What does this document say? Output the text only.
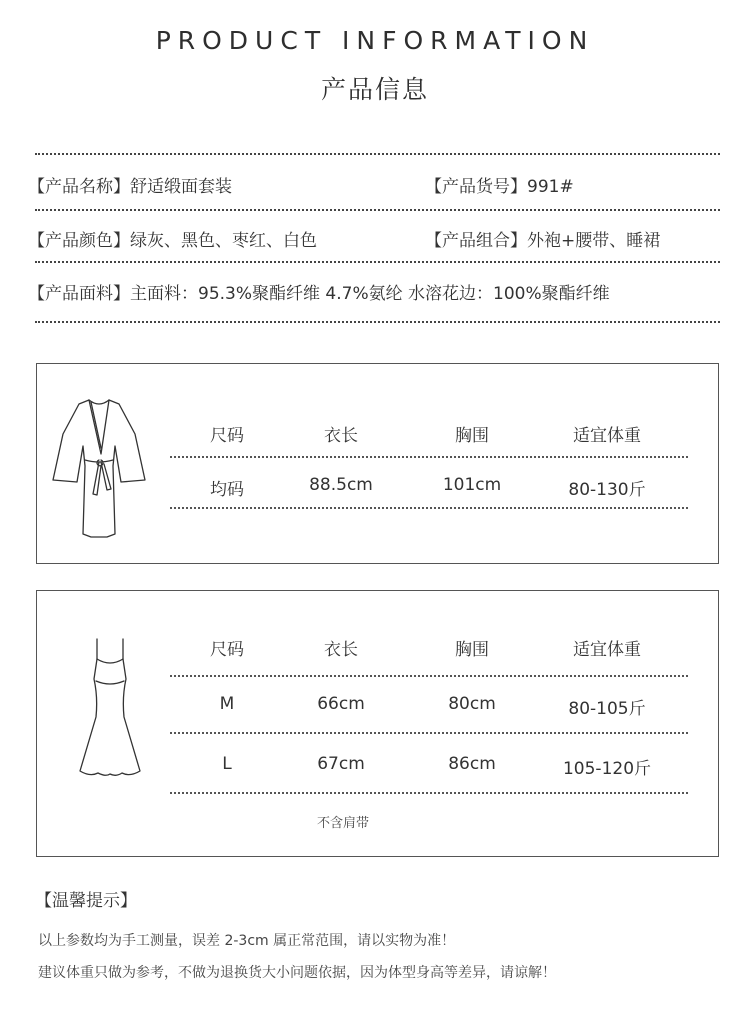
PRODUCT INFORMATION
产品信息
【产品名称】舒适缎面套装	【产品货号】991#
【产品颜色】绿灰、黑色、枣红、白色	【产品组合】外袍+腰带、睡裙
【产品面料】主面料：95.3%聚酯纤维 4.7%氨纶 水溶花边：100%聚酯纤维
尺码	衣长	胸围	适宜体重
均码	88.5cm	101cm	80-130斤
尺码	衣长	胸围	适宜体重
M	66cm	80cm	80-105斤
L	67cm	86cm	105-120斤
不含肩带
【温馨提示】
以上参数均为手工测量，误差 2-3cm 属正常范围，请以实物为准！
建议体重只做为参考，不做为退换货大小问题依据，因为体型身高等差异，请谅解！
